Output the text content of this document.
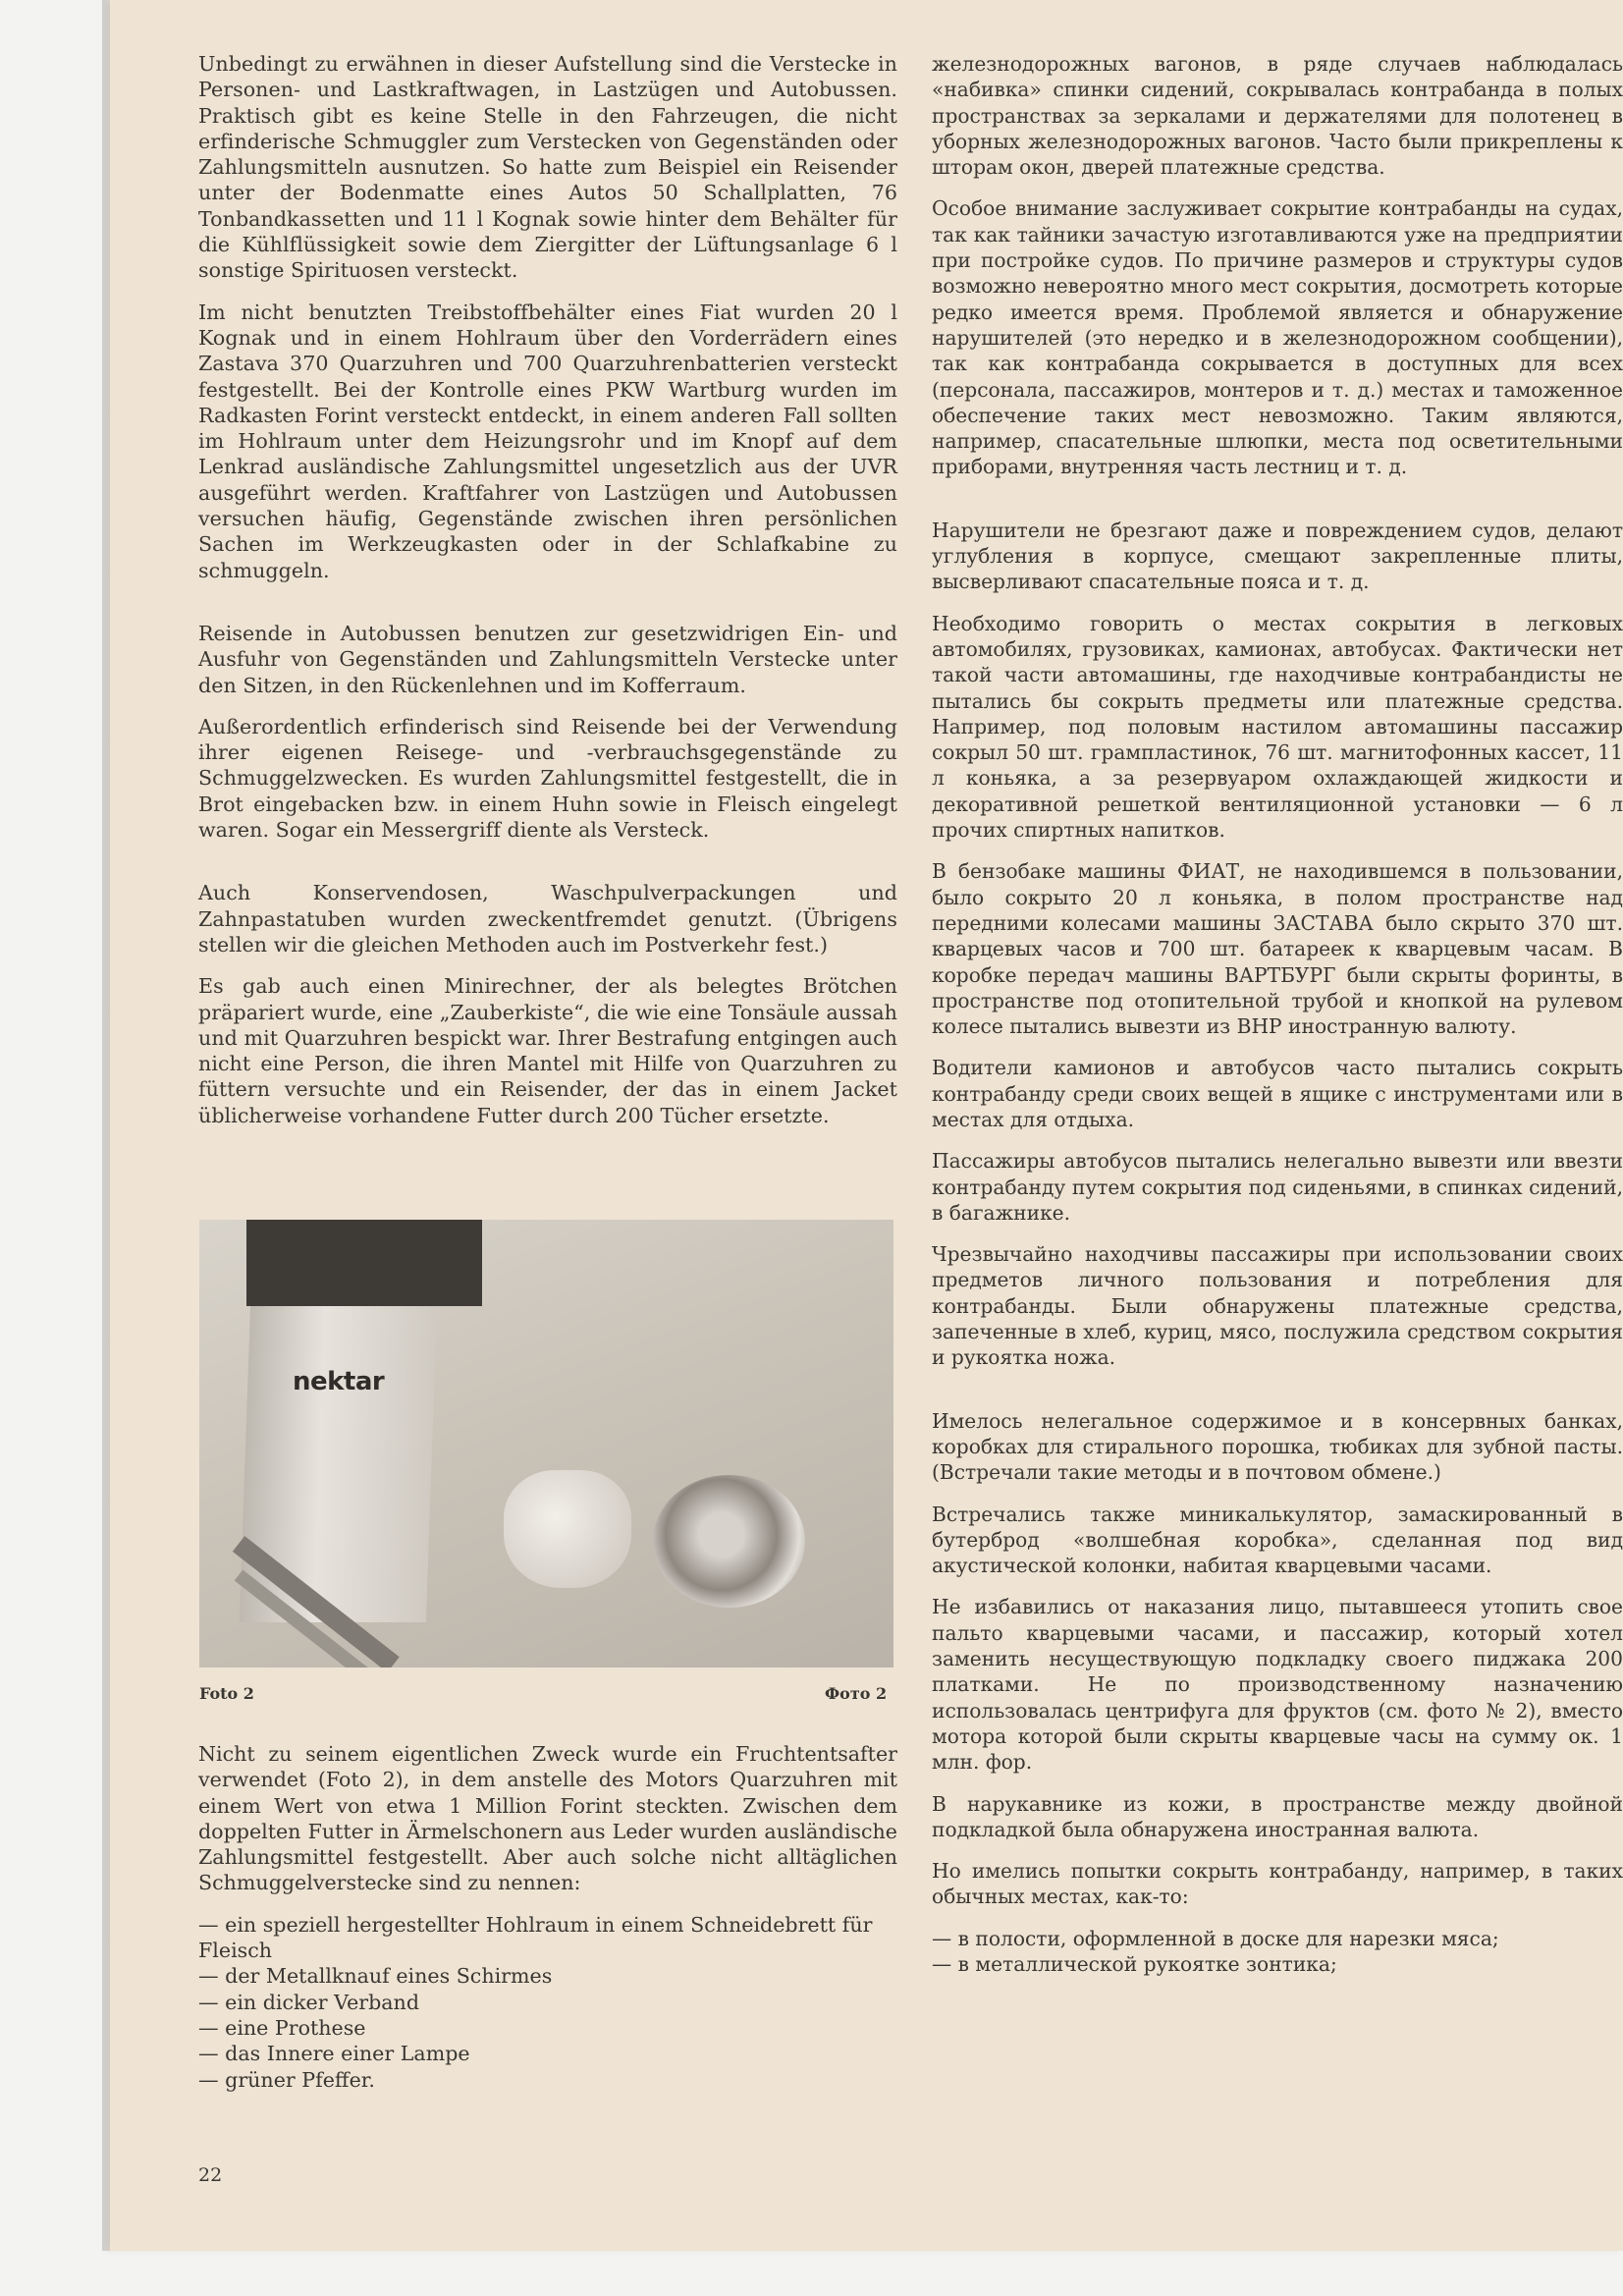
Unbedingt zu erwähnen in dieser Aufstellung sind die Verstecke in Personen- und Lastkraftwagen, in Lastzügen und Autobussen. Praktisch gibt es keine Stelle in den Fahrzeugen, die nicht erfinderische Schmuggler zum Verstecken von Gegenständen oder Zahlungsmitteln ausnutzen. So hatte zum Beispiel ein Reisender unter der Bodenmatte eines Autos 50 Schallplatten, 76 Tonbandkassetten und 11 l Kognak sowie hinter dem Behälter für die Kühlflüssigkeit sowie dem Ziergitter der Lüftungsanlage 6 l sonstige Spirituosen versteckt.

Im nicht benutzten Treibstoffbehälter eines Fiat wurden 20 l Kognak und in einem Hohlraum über den Vorderrädern eines Zastava 370 Quarzuhren und 700 Quarzuhrenbatterien versteckt festgestellt. Bei der Kontrolle eines PKW Wartburg wurden im Radkasten Forint versteckt entdeckt, in einem anderen Fall sollten im Hohlraum unter dem Heizungsrohr und im Knopf auf dem Lenkrad ausländische Zahlungsmittel ungesetzlich aus der UVR ausgeführt werden. Kraftfahrer von Lastzügen und Autobussen versuchen häufig, Gegenstände zwischen ihren persönlichen Sachen im Werkzeugkasten oder in der Schlafkabine zu schmuggeln.

Reisende in Autobussen benutzen zur gesetzwidrigen Ein- und Ausfuhr von Gegenständen und Zahlungsmitteln Verstecke unter den Sitzen, in den Rückenlehnen und im Kofferraum.

Außerordentlich erfinderisch sind Reisende bei der Verwendung ihrer eigenen Reisege- und -verbrauchsgegenstände zu Schmuggelzwecken. Es wurden Zahlungsmittel festgestellt, die in Brot eingebacken bzw. in einem Huhn sowie in Fleisch eingelegt waren. Sogar ein Messergriff diente als Versteck.

Auch Konservendosen, Waschpulverpackungen und Zahnpastatuben wurden zweckentfremdet genutzt. (Übrigens stellen wir die gleichen Methoden auch im Postverkehr fest.)

Es gab auch einen Minirechner, der als belegtes Brötchen präpariert wurde, eine „Zauberkiste“, die wie eine Tonsäule aussah und mit Quarzuhren bespickt war. Ihrer Bestrafung entgingen auch nicht eine Person, die ihren Mantel mit Hilfe von Quarzuhren zu füttern versuchte und ein Reisender, der das in einem Jacket üblicherweise vorhandene Futter durch 200 Tücher ersetzte.

nektar
Foto 2	Фото 2

Nicht zu seinem eigentlichen Zweck wurde ein Fruchtentsafter verwendet (Foto 2), in dem anstelle des Motors Quarzuhren mit einem Wert von etwa 1 Million Forint steckten. Zwischen dem doppelten Futter in Ärmelschonern aus Leder wurden ausländische Zahlungsmittel festgestellt. Aber auch solche nicht alltäglichen Schmuggelverstecke sind zu nennen:

— ein speziell hergestellter Hohlraum in einem Schneidebrett für Fleisch
— der Metallknauf eines Schirmes
— ein dicker Verband
— eine Prothese
— das Innere einer Lampe
— grüner Pfeffer.

железнодорожных вагонов, в ряде случаев наблюдалась «набивка» спинки сидений, сокрывалась контрабанда в полых пространствах за зеркалами и держателями для полотенец в уборных железнодорожных вагонов. Часто были прикреплены к шторам окон, дверей платежные средства.

Особое внимание заслуживает сокрытие контрабанды на судах, так как тайники зачастую изготавливаются уже на предприятии при постройке судов. По причине размеров и структуры судов возможно невероятно много мест сокрытия, досмотреть которые редко имеется время. Проблемой является и обнаружение нарушителей (это нередко и в железнодорожном сообщении), так как контрабанда сокрывается в доступных для всех (персонала, пассажиров, монтеров и т. д.) местах и таможенное обеспечение таких мест невозможно. Таким являются, например, спасательные шлюпки, места под осветительными приборами, внутренняя часть лестниц и т. д.

Нарушители не брезгают даже и повреждением судов, делают углубления в корпусе, смещают закрепленные плиты, высверливают спасательные пояса и т. д.

Необходимо говорить о местах сокрытия в легковых автомобилях, грузовиках, камионах, автобусах. Фактически нет такой части автомашины, где находчивые контрабандисты не пытались бы сокрыть предметы или платежные средства. Например, под половым настилом автомашины пассажир сокрыл 50 шт. грампластинок, 76 шт. магнитофонных кассет, 11 л коньяка, а за резервуаром охлаждающей жидкости и декоративной решеткой вентиляционной установки — 6 л прочих спиртных напитков.

В бензобаке машины ФИАТ, не находившемся в пользовании, было сокрыто 20 л коньяка, в полом пространстве над передними колесами машины ЗАСТАВА было скрыто 370 шт. кварцевых часов и 700 шт. батареек к кварцевым часам. В коробке передач машины ВАРТБУРГ были скрыты форинты, в пространстве под отопительной трубой и кнопкой на рулевом колесе пытались вывезти из ВНР иностранную валюту.

Водители камионов и автобусов часто пытались сокрыть контрабанду среди своих вещей в ящике с инструментами или в местах для отдыха.

Пассажиры автобусов пытались нелегально вывезти или ввезти контрабанду путем сокрытия под сиденьями, в спинках сидений, в багажнике.

Чрезвычайно находчивы пассажиры при использовании своих предметов личного пользования и потребления для контрабанды. Были обнаружены платежные средства, запеченные в хлеб, куриц, мясо, послужила средством сокрытия и рукоятка ножа.

Имелось нелегальное содержимое и в консервных банках, коробках для стирального порошка, тюбиках для зубной пасты. (Встречали такие методы и в почтовом обмене.)

Встречались также миникалькулятор, замаскированный в бутерброд «волшебная коробка», сделанная под вид акустической колонки, набитая кварцевыми часами.

Не избавились от наказания лицо, пытавшееся утопить свое пальто кварцевыми часами, и пассажир, который хотел заменить несуществующую подкладку своего пиджака 200 платками. Не по производственному назначению использовалась центрифуга для фруктов (см. фото № 2), вместо мотора которой были скрыты кварцевые часы на сумму ок. 1 млн. фор.

В нарукавнике из кожи, в пространстве между двойной подкладкой была обнаружена иностранная валюта.

Но имелись попытки сокрыть контрабанду, например, в таких обычных местах, как-то:

— в полости, оформленной в доске для нарезки мяса;
— в металлической рукоятке зонтика;
22
